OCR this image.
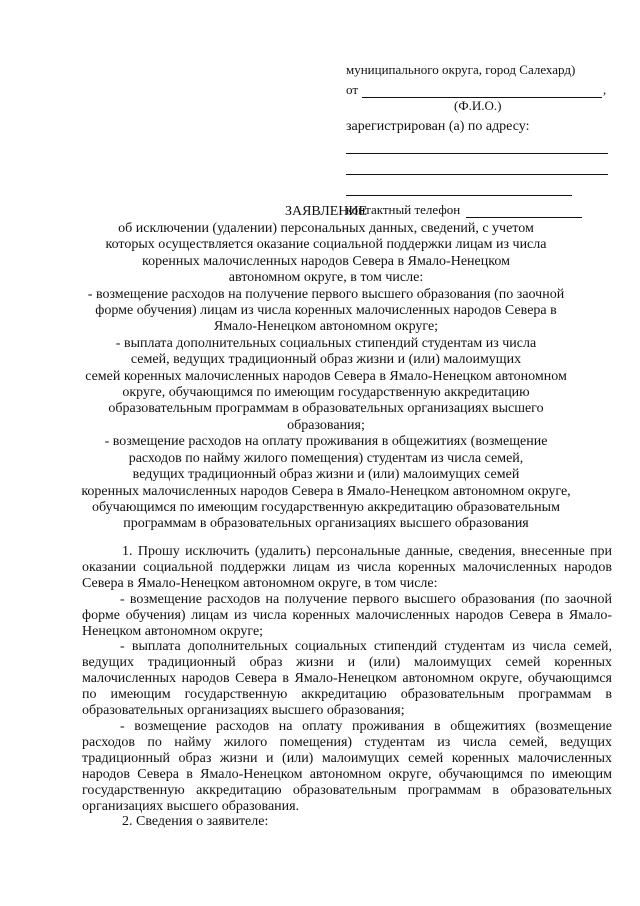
муниципального округа, город Салехард)
от	,
(Ф.И.О.)
зарегистрирован (а) по адресу:
контактный телефон
ЗАЯВЛЕНИЕ

об исключении (удалении) персональных данных, сведений, с учетом

которых осуществляется оказание социальной поддержки лицам из числа

коренных малочисленных народов Севера в Ямало-Ненецком

автономном округе, в том числе:

- возмещение расходов на получение первого высшего образования (по заочной

форме обучения) лицам из числа коренных малочисленных народов Севера в

Ямало-Ненецком автономном округе;

- выплата дополнительных социальных стипендий студентам из числа

семей, ведущих традиционный образ жизни и (или) малоимущих

семей коренных малочисленных народов Севера в Ямало-Ненецком автономном

округе, обучающимся по имеющим государственную аккредитацию

образовательным программам в образовательных организациях высшего

образования;

- возмещение расходов на оплату проживания в общежитиях (возмещение

расходов по найму жилого помещения) студентам из числа семей,

ведущих традиционный образ жизни и (или) малоимущих семей

коренных малочисленных народов Севера в Ямало-Ненецком автономном округе,

обучающимся по имеющим государственную аккредитацию образовательным

программам в образовательных организациях высшего образования

1. Прошу исключить (удалить) персональные данные, сведения, внесенные при оказании социальной поддержки лицам из числа коренных малочисленных народов Севера в Ямало-Ненецком автономном округе, в том числе:

- возмещение расходов на получение первого высшего образования (по заочной форме обучения) лицам из числа коренных малочисленных народов Севера в Ямало-Ненецком автономном округе;

- выплата дополнительных социальных стипендий студентам из числа семей, ведущих традиционный образ жизни и (или) малоимущих семей коренных малочисленных народов Севера в Ямало-Ненецком автономном округе, обучающимся по имеющим государственную аккредитацию образовательным программам в образовательных организациях высшего образования;

- возмещение расходов на оплату проживания в общежитиях (возмещение расходов по найму жилого помещения) студентам из числа семей, ведущих традиционный образ жизни и (или) малоимущих семей коренных малочисленных народов Севера в Ямало-Ненецком автономном округе, обучающимся по имеющим государственную аккредитацию образовательным программам в образовательных организациях высшего образования.

2. Сведения о заявителе:
